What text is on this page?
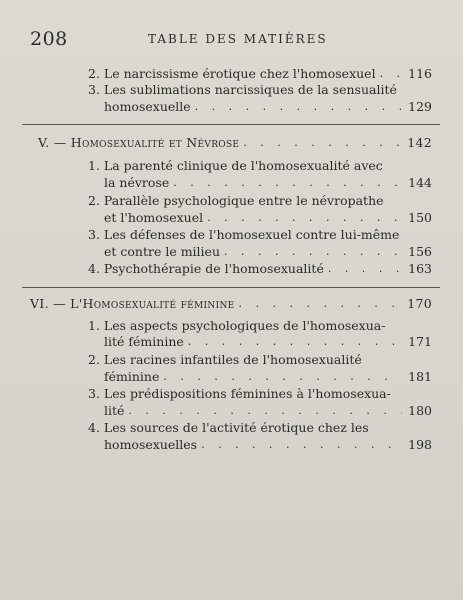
208	TABLE DES MATIÈRES
2. Le narcissisme érotique chez l'homosexuel . . .	116
3. Les sublimations narcissiques de la sensualité
homosexuelle . . .	129
V. — Homosexualité et Névrose . . .	142
1. La parenté clinique de l'homosexualité avec
la névrose . . .	144
2. Parallèle psychologique entre le névropathe
et l'homosexuel . . .	150
3. Les défenses de l'homosexuel contre lui-même
et contre le milieu . . .	156
4. Psychothérapie de l'homosexualité . . .	163
VI. — L'Homosexualité féminine . . .	170
1. Les aspects psychologiques de l'homosexua-
lité féminine . . .	171
2. Les racines infantiles de l'homosexualité
féminine . . .	181
3. Les prédispositions féminines à l'homosexua-
lité . . .	180
4. Les sources de l'activité érotique chez les
homosexuelles . . .	198
